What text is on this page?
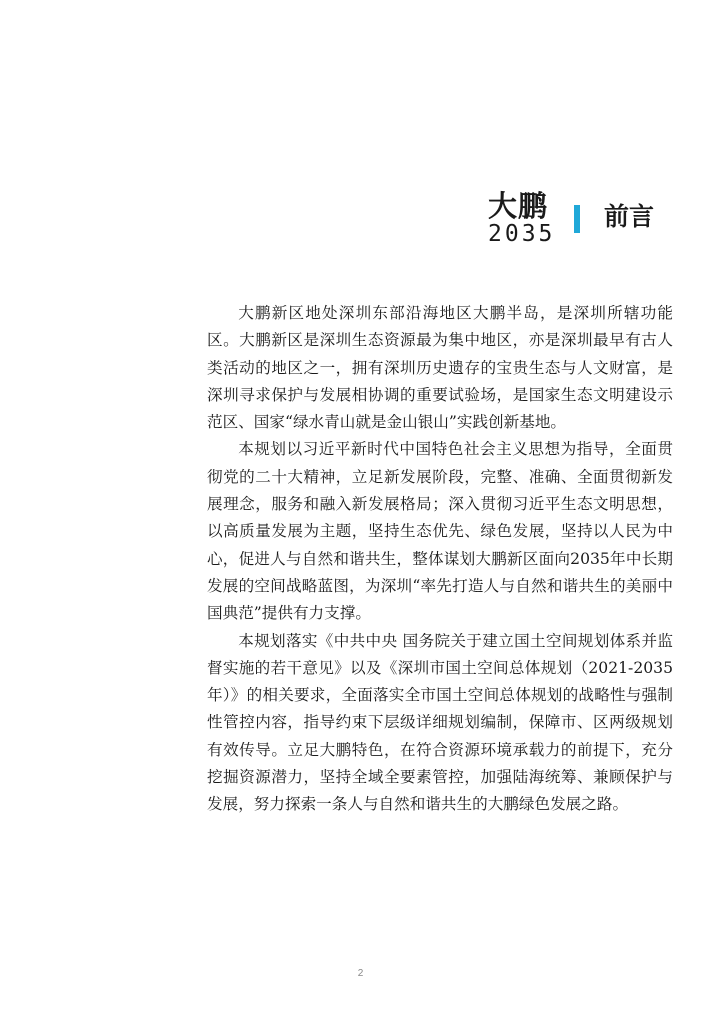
大鹏
2035
前言

大鹏新区地处深圳东部沿海地区大鹏半岛，是深圳所辖功能区。大鹏新区是深圳生态资源最为集中地区，亦是深圳最早有古人类活动的地区之一，拥有深圳历史遗存的宝贵生态与人文财富，是深圳寻求保护与发展相协调的重要试验场，是国家生态文明建设示范区、国家“绿水青山就是金山银山”实践创新基地。

本规划以习近平新时代中国特色社会主义思想为指导，全面贯彻党的二十大精神，立足新发展阶段，完整、准确、全面贯彻新发展理念，服务和融入新发展格局；深入贯彻习近平生态文明思想，以高质量发展为主题，坚持生态优先、绿色发展，坚持以人民为中心，促进人与自然和谐共生，整体谋划大鹏新区面向2035年中长期发展的空间战略蓝图，为深圳“率先打造人与自然和谐共生的美丽中国典范”提供有力支撑。

本规划落实《中共中央 国务院关于建立国土空间规划体系并监督实施的若干意见》以及《深圳市国土空间总体规划（2021-2035年）》的相关要求，全面落实全市国土空间总体规划的战略性与强制性管控内容，指导约束下层级详细规划编制，保障市、区两级规划有效传导。立足大鹏特色，在符合资源环境承载力的前提下，充分挖掘资源潜力，坚持全域全要素管控，加强陆海统筹、兼顾保护与发展，努力探索一条人与自然和谐共生的大鹏绿色发展之路。

2
